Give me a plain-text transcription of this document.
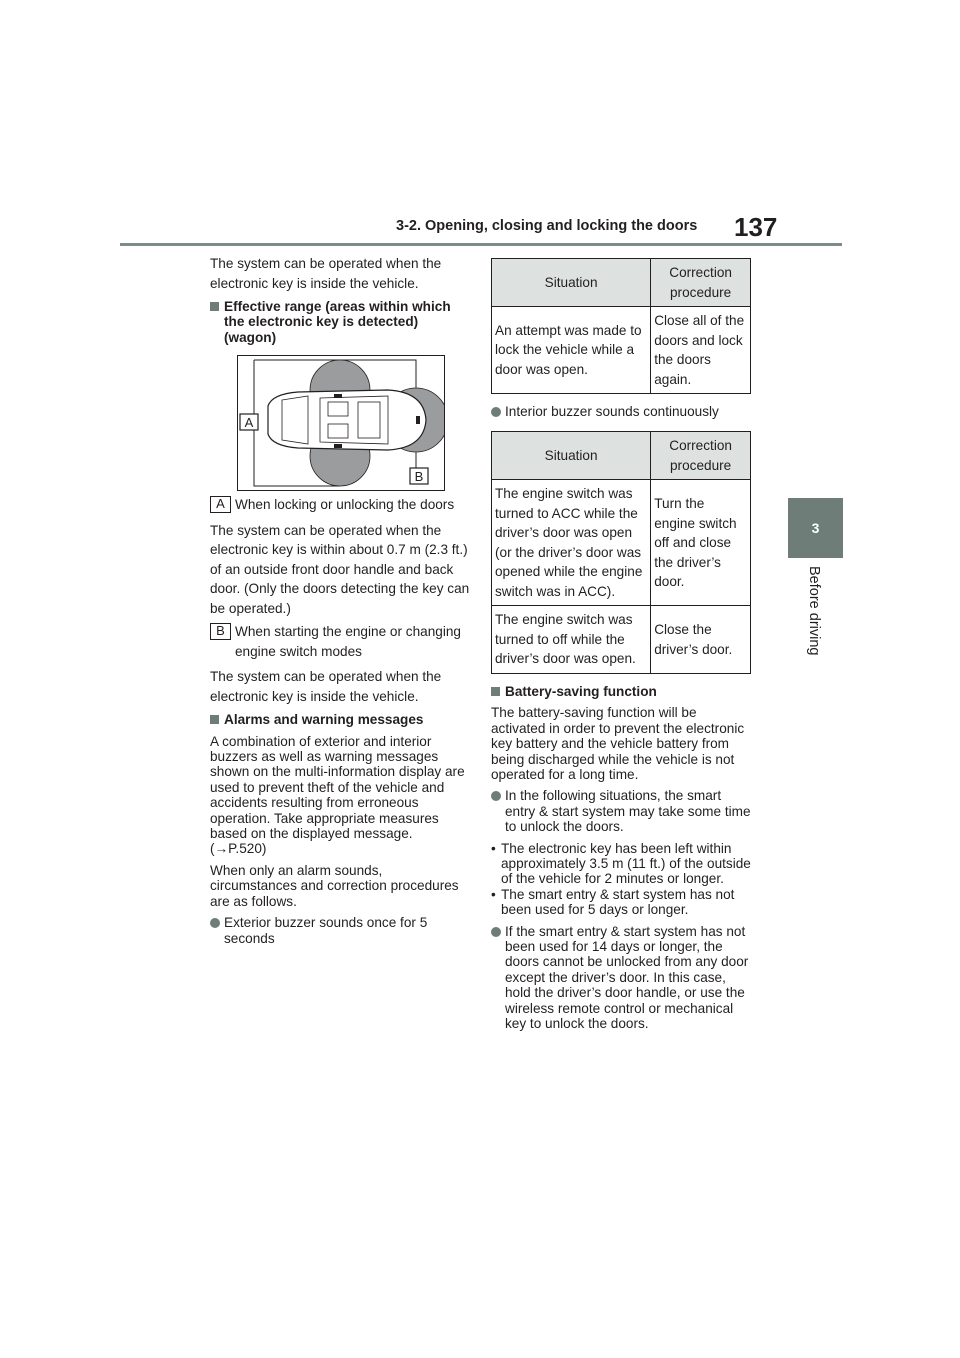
3-2. Opening, closing and locking the doors 137
3
Before driving

The system can be operated when the electronic key is inside the vehicle.

Effective range (areas within which the electronic key is detected) (wagon)
A
B
A When locking or unlocking the doors

The system can be operated when the electronic key is within about 0.7 m (2.3 ft.) of an outside front door handle and back door. (Only the doors detecting the key can be operated.)

B When starting the engine or changing engine switch modes

The system can be operated when the electronic key is inside the vehicle.

Alarms and warning messages

A combination of exterior and interior buzzers as well as warning messages shown on the multi-information display are used to prevent theft of the vehicle and accidents resulting from erroneous operation. Take appropriate measures based on the displayed message. (→P.520)

When only an alarm sounds, circumstances and correction procedures are as follows.

Exterior buzzer sounds once for 5 seconds
Situation	Correction procedure
An attempt was made to lock the vehicle while a door was open.	Close all of the doors and lock the doors again.
Interior buzzer sounds continuously
Situation	Correction procedure
The engine switch was turned to ACC while the driver’s door was open (or the driver’s door was opened while the engine switch was in ACC).	Turn the engine switch off and close the driver’s door.
The engine switch was turned to off while the driver’s door was open.	Close the driver’s door.
Battery-saving function

The battery-saving function will be activated in order to prevent the electronic key battery and the vehicle battery from being discharged while the vehicle is not operated for a long time.

In the following situations, the smart entry & start system may take some time to unlock the doors.
• The electronic key has been left within approximately 3.5 m (11 ft.) of the outside of the vehicle for 2 minutes or longer.
• The smart entry & start system has not been used for 5 days or longer.
If the smart entry & start system has not been used for 14 days or longer, the doors cannot be unlocked from any door except the driver’s door. In this case, hold the driver’s door handle, or use the wireless remote control or mechanical key to unlock the doors.
